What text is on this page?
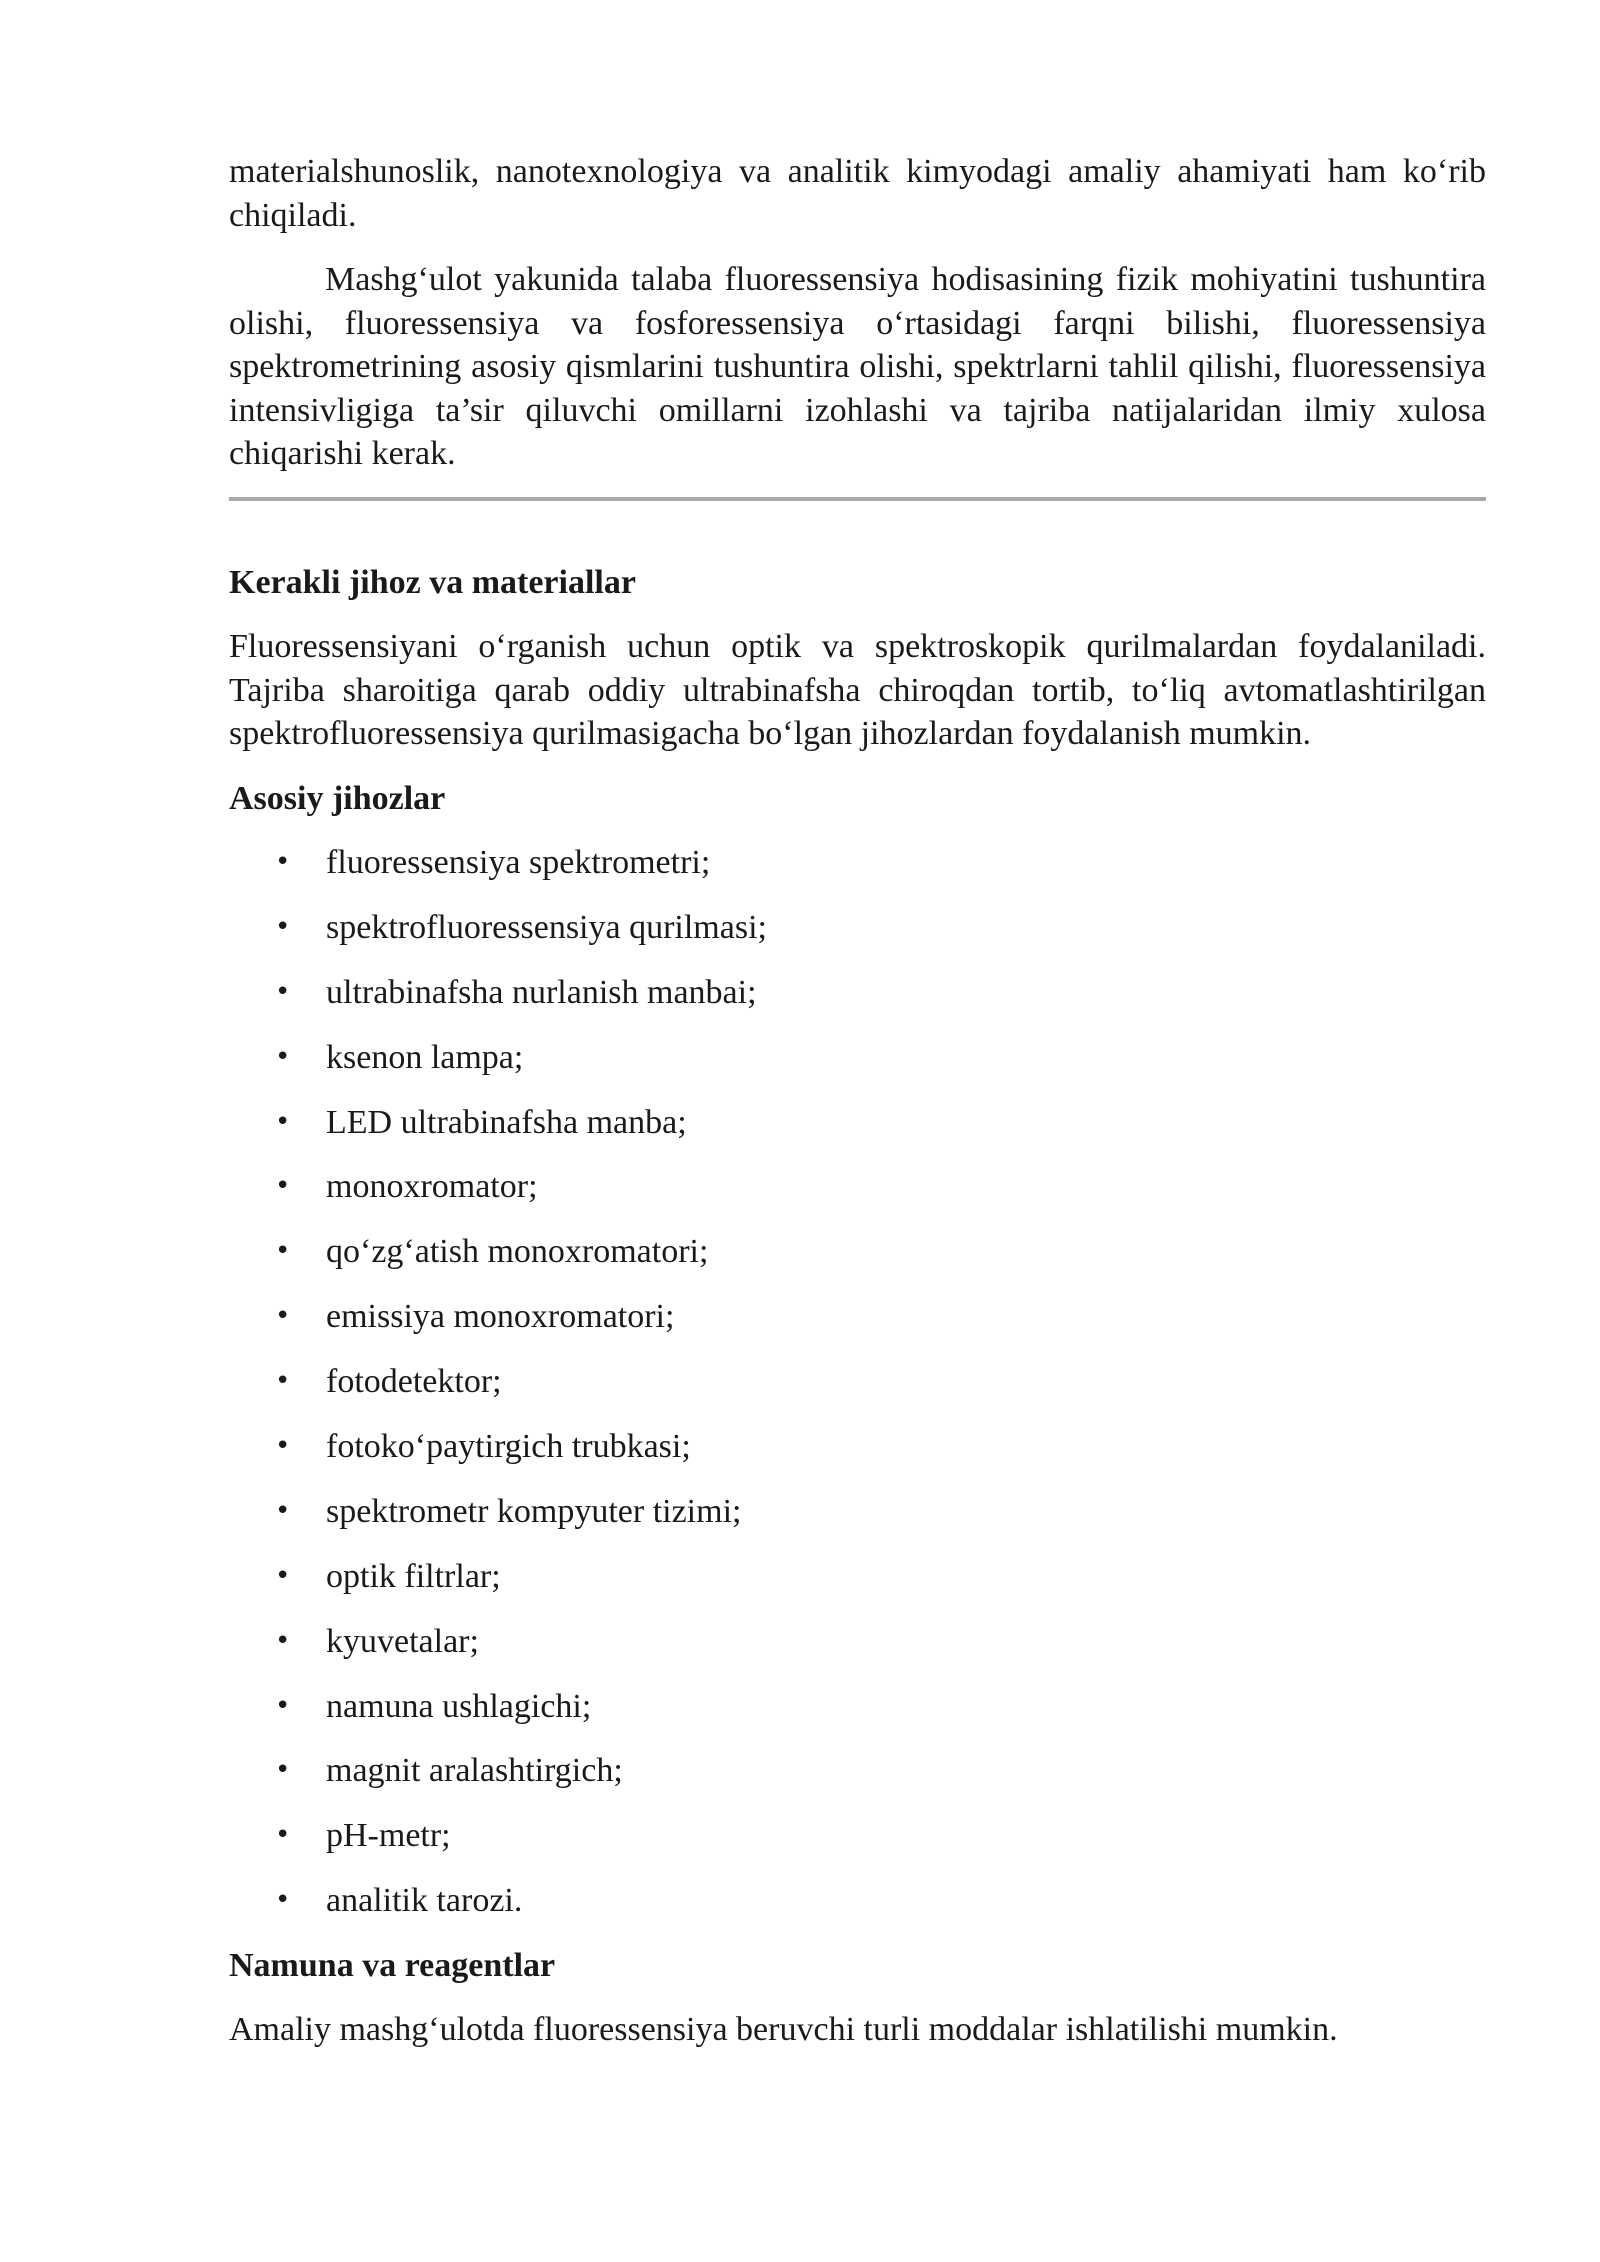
materialshunoslik, nanotexnologiya va analitik kimyodagi amaliy ahamiyati ham ko‘rib chiqiladi.

Mashg‘ulot yakunida talaba fluoressensiya hodisasining fizik mohiyatini tushuntira olishi, fluoressensiya va fosforessensiya o‘rtasidagi farqni bilishi, fluoressensiya spektrometrining asosiy qismlarini tushuntira olishi, spektrlarni tahlil qilishi, fluoressensiya intensivligiga ta’sir qiluvchi omillarni izohlashi va tajriba natijalaridan ilmiy xulosa chiqarishi kerak.

Kerakli jihoz va materiallar

Fluoressensiyani o‘rganish uchun optik va spektroskopik qurilmalardan foydalaniladi. Tajriba sharoitiga qarab oddiy ultrabinafsha chiroqdan tortib, to‘liq avtomatlashtirilgan spektrofluoressensiya qurilmasigacha bo‘lgan jihozlardan foydalanish mumkin.

Asosiy jihozlar
• fluoressensiya spektrometri;
• spektrofluoressensiya qurilmasi;
• ultrabinafsha nurlanish manbai;
• ksenon lampa;
• LED ultrabinafsha manba;
• monoxromator;
• qo‘zg‘atish monoxromatori;
• emissiya monoxromatori;
• fotodetektor;
• fotoko‘paytirgich trubkasi;
• spektrometr kompyuter tizimi;
• optik filtrlar;
• kyuvetalar;
• namuna ushlagichi;
• magnit aralashtirgich;
• pH-metr;
• analitik tarozi.
Namuna va reagentlar

Amaliy mashg‘ulotda fluoressensiya beruvchi turli moddalar ishlatilishi mumkin.
